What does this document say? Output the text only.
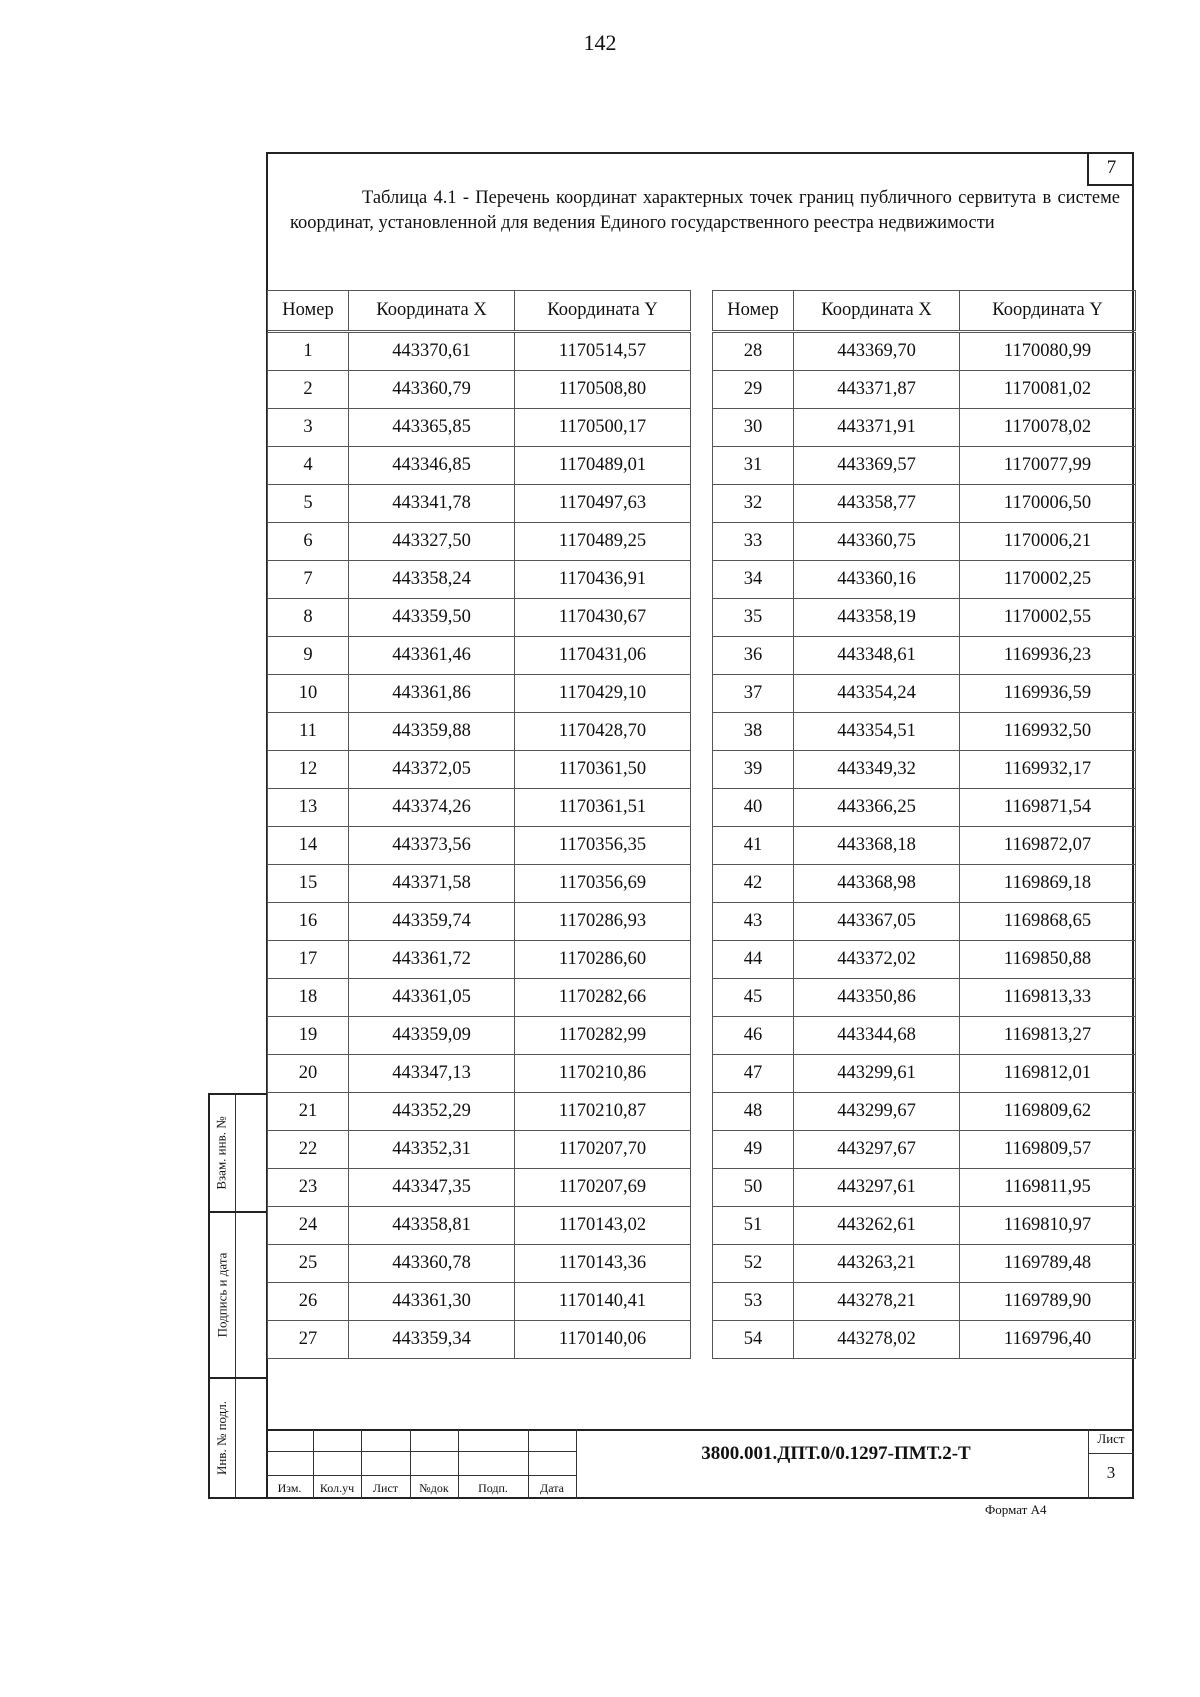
142
7
Таблица 4.1 - Перечень координат характерных точек границ публичного сервитута в системе координат, установленной для ведения Единого государственного реестра недвижимости
Номер	Координата X	Координата Y
1	443370,61	1170514,57
2	443360,79	1170508,80
3	443365,85	1170500,17
4	443346,85	1170489,01
5	443341,78	1170497,63
6	443327,50	1170489,25
7	443358,24	1170436,91
8	443359,50	1170430,67
9	443361,46	1170431,06
10	443361,86	1170429,10
11	443359,88	1170428,70
12	443372,05	1170361,50
13	443374,26	1170361,51
14	443373,56	1170356,35
15	443371,58	1170356,69
16	443359,74	1170286,93
17	443361,72	1170286,60
18	443361,05	1170282,66
19	443359,09	1170282,99
20	443347,13	1170210,86
21	443352,29	1170210,87
22	443352,31	1170207,70
23	443347,35	1170207,69
24	443358,81	1170143,02
25	443360,78	1170143,36
26	443361,30	1170140,41
27	443359,34	1170140,06
Номер	Координата X	Координата Y
28	443369,70	1170080,99
29	443371,87	1170081,02
30	443371,91	1170078,02
31	443369,57	1170077,99
32	443358,77	1170006,50
33	443360,75	1170006,21
34	443360,16	1170002,25
35	443358,19	1170002,55
36	443348,61	1169936,23
37	443354,24	1169936,59
38	443354,51	1169932,50
39	443349,32	1169932,17
40	443366,25	1169871,54
41	443368,18	1169872,07
42	443368,98	1169869,18
43	443367,05	1169868,65
44	443372,02	1169850,88
45	443350,86	1169813,33
46	443344,68	1169813,27
47	443299,61	1169812,01
48	443299,67	1169809,62
49	443297,67	1169809,57
50	443297,61	1169811,95
51	443262,61	1169810,97
52	443263,21	1169789,48
53	443278,21	1169789,90
54	443278,02	1169796,40
Изм.	Кол.уч	Лист	№док	Подп.	Дата
3800.001.ДПТ.0/0.1297-ПМТ.2-Т
Лист
3
Формат А4
Взам. инв. №
Подпись и дата
Инв. № подл.
